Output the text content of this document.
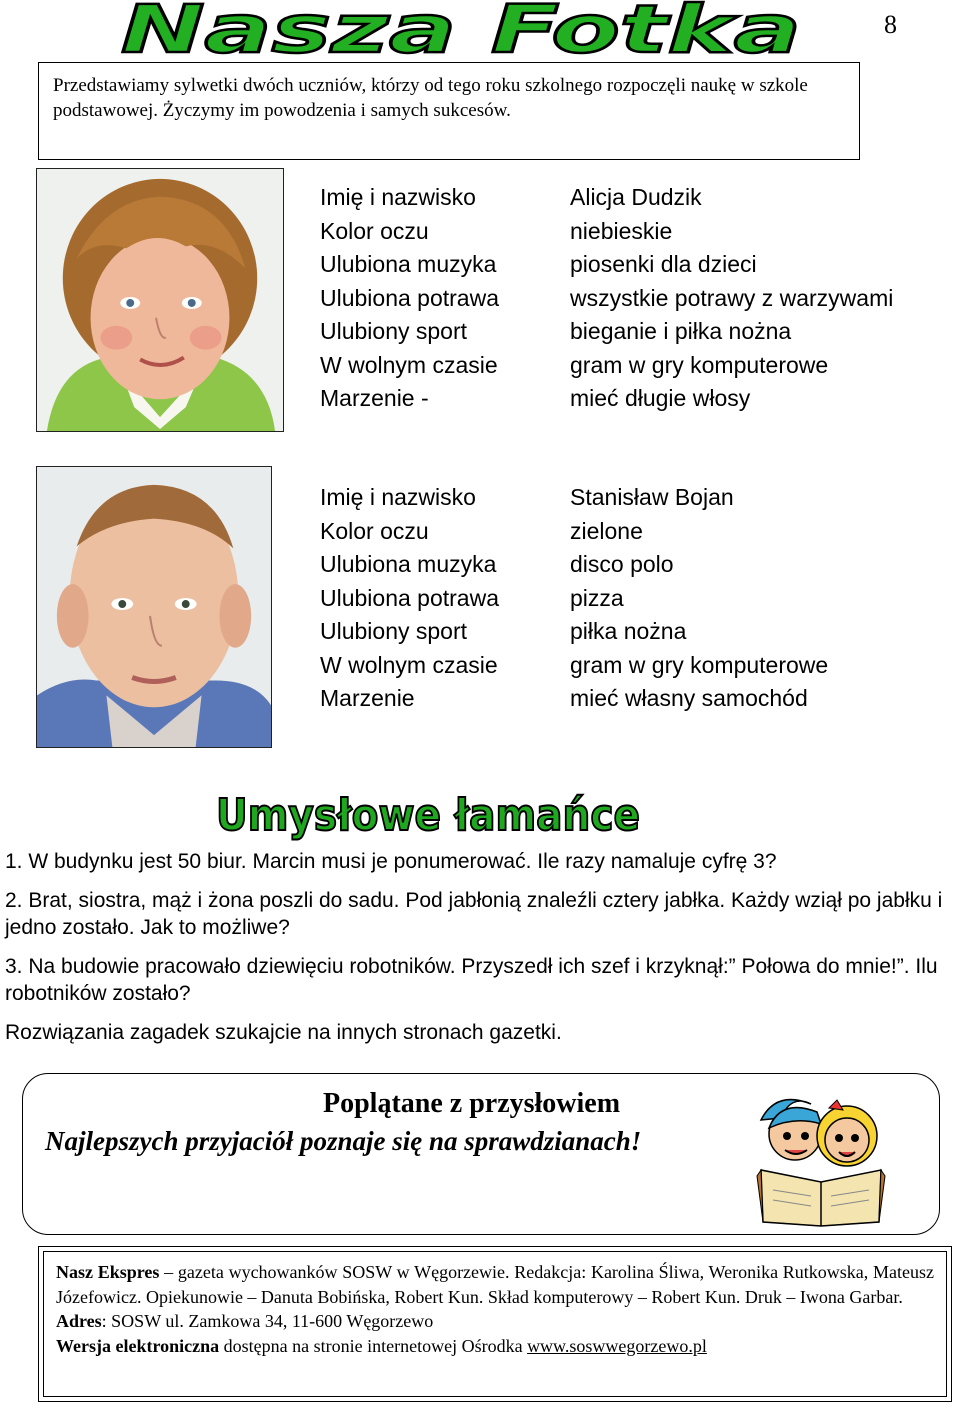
Nasza Fotka	8
Przedstawiamy sylwetki dwóch uczniów, którzy od tego roku szkolnego rozpoczęli naukę w szkole podstawowej. Życzymy im powodzenia i samych sukcesów.
Imię i nazwisko	Alicja Dudzik
Kolor oczu	niebieskie
Ulubiona muzyka	piosenki dla dzieci
Ulubiona potrawa	wszystkie potrawy z warzywami
Ulubiony sport	bieganie i piłka nożna
W wolnym czasie	gram w gry komputerowe
Marzenie -	mieć długie włosy
Imię i nazwisko	Stanisław Bojan
Kolor oczu	zielone
Ulubiona muzyka	disco polo
Ulubiona potrawa	pizza
Ulubiony sport	piłka nożna
W wolnym czasie	gram w gry komputerowe
Marzenie	mieć własny samochód
Umysłowe łamańce

1. W budynku jest 50 biur. Marcin musi je ponumerować. Ile razy namaluje cyfrę 3?

2. Brat, siostra, mąż i żona poszli do sadu. Pod jabłonią znaleźli cztery jabłka. Każdy wziął po jabłku i jedno zostało. Jak to możliwe?

3. Na budowie pracowało dziewięciu robotników. Przyszedł ich szef i krzyknął:” Połowa do mnie!”. Ilu robotników zostało?

Rozwiązania zagadek szukajcie na innych stronach gazetki.

Poplątane z przysłowiem
Najlepszych przyjaciół poznaje się na sprawdzianach!

Nasz Ekspres – gazeta wychowanków SOSW w Węgorzewie. Redakcja: Karolina Śliwa, Weronika Rutkowska, Mateusz Józefowicz. Opiekunowie – Danuta Bobińska, Robert Kun. Skład komputerowy – Robert Kun. Druk – Iwona Garbar.

Adres: SOSW ul. Zamkowa 34, 11-600 Węgorzewo

Wersja elektroniczna dostępna na stronie internetowej Ośrodka www.soswwegorzewo.pl
